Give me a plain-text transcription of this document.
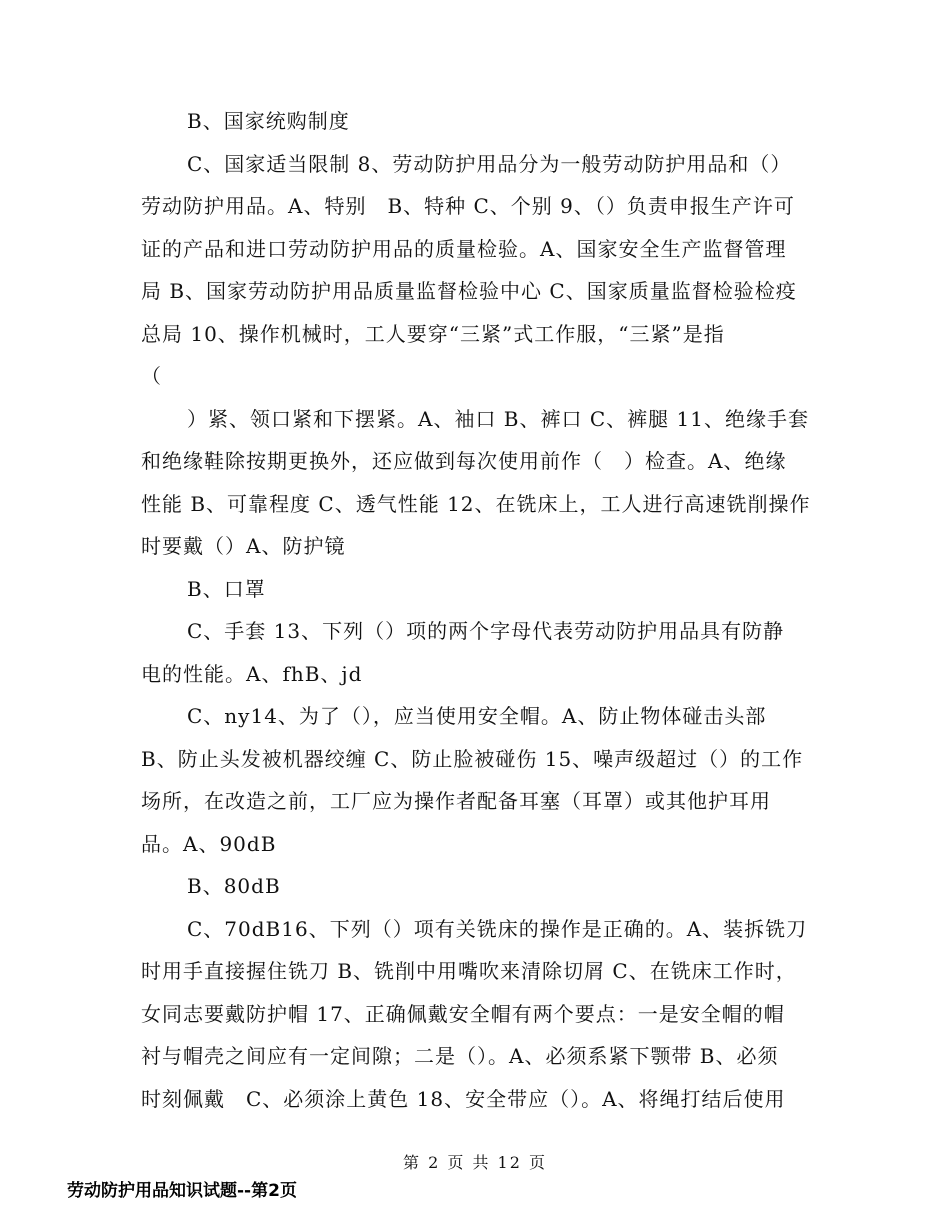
B、国家统购制度
C、国家适当限制 8、劳动防护用品分为一般劳动防护用品和（）
劳动防护用品。A、特别　B、特种 C、个别 9、（）负责申报生产许可
证的产品和进口劳动防护用品的质量检验。A、国家安全生产监督管理
局 B、国家劳动防护用品质量监督检验中心 C、国家质量监督检验检疫
总局 10、操作机械时，工人要穿“三紧”式工作服，“三紧”是指
（
）紧、领口紧和下摆紧。A、袖口 B、裤口 C、裤腿 11、绝缘手套
和绝缘鞋除按期更换外，还应做到每次使用前作（　）检查。A、绝缘
性能 B、可靠程度 C、透气性能 12、在铣床上，工人进行高速铣削操作
时要戴（）A、防护镜
B、口罩
C、手套 13、下列（）项的两个字母代表劳动防护用品具有防静
电的性能。A、fhB、jd
C、ny14、为了（），应当使用安全帽。A、防止物体碰击头部
B、防止头发被机器绞缠 C、防止脸被碰伤 15、噪声级超过（）的工作
场所，在改造之前，工厂应为操作者配备耳塞（耳罩）或其他护耳用
品。A、90dB
B、80dB
C、70dB16、下列（）项有关铣床的操作是正确的。A、装拆铣刀
时用手直接握住铣刀 B、铣削中用嘴吹来清除切屑 C、在铣床工作时，
女同志要戴防护帽 17、正确佩戴安全帽有两个要点：一是安全帽的帽
衬与帽壳之间应有一定间隙；二是（）。A、必须系紧下颚带 B、必须
时刻佩戴　C、必须涂上黄色 18、安全带应（）。A、将绳打结后使用
第 2 页 共 12 页
劳动防护用品知识试题--第2页
